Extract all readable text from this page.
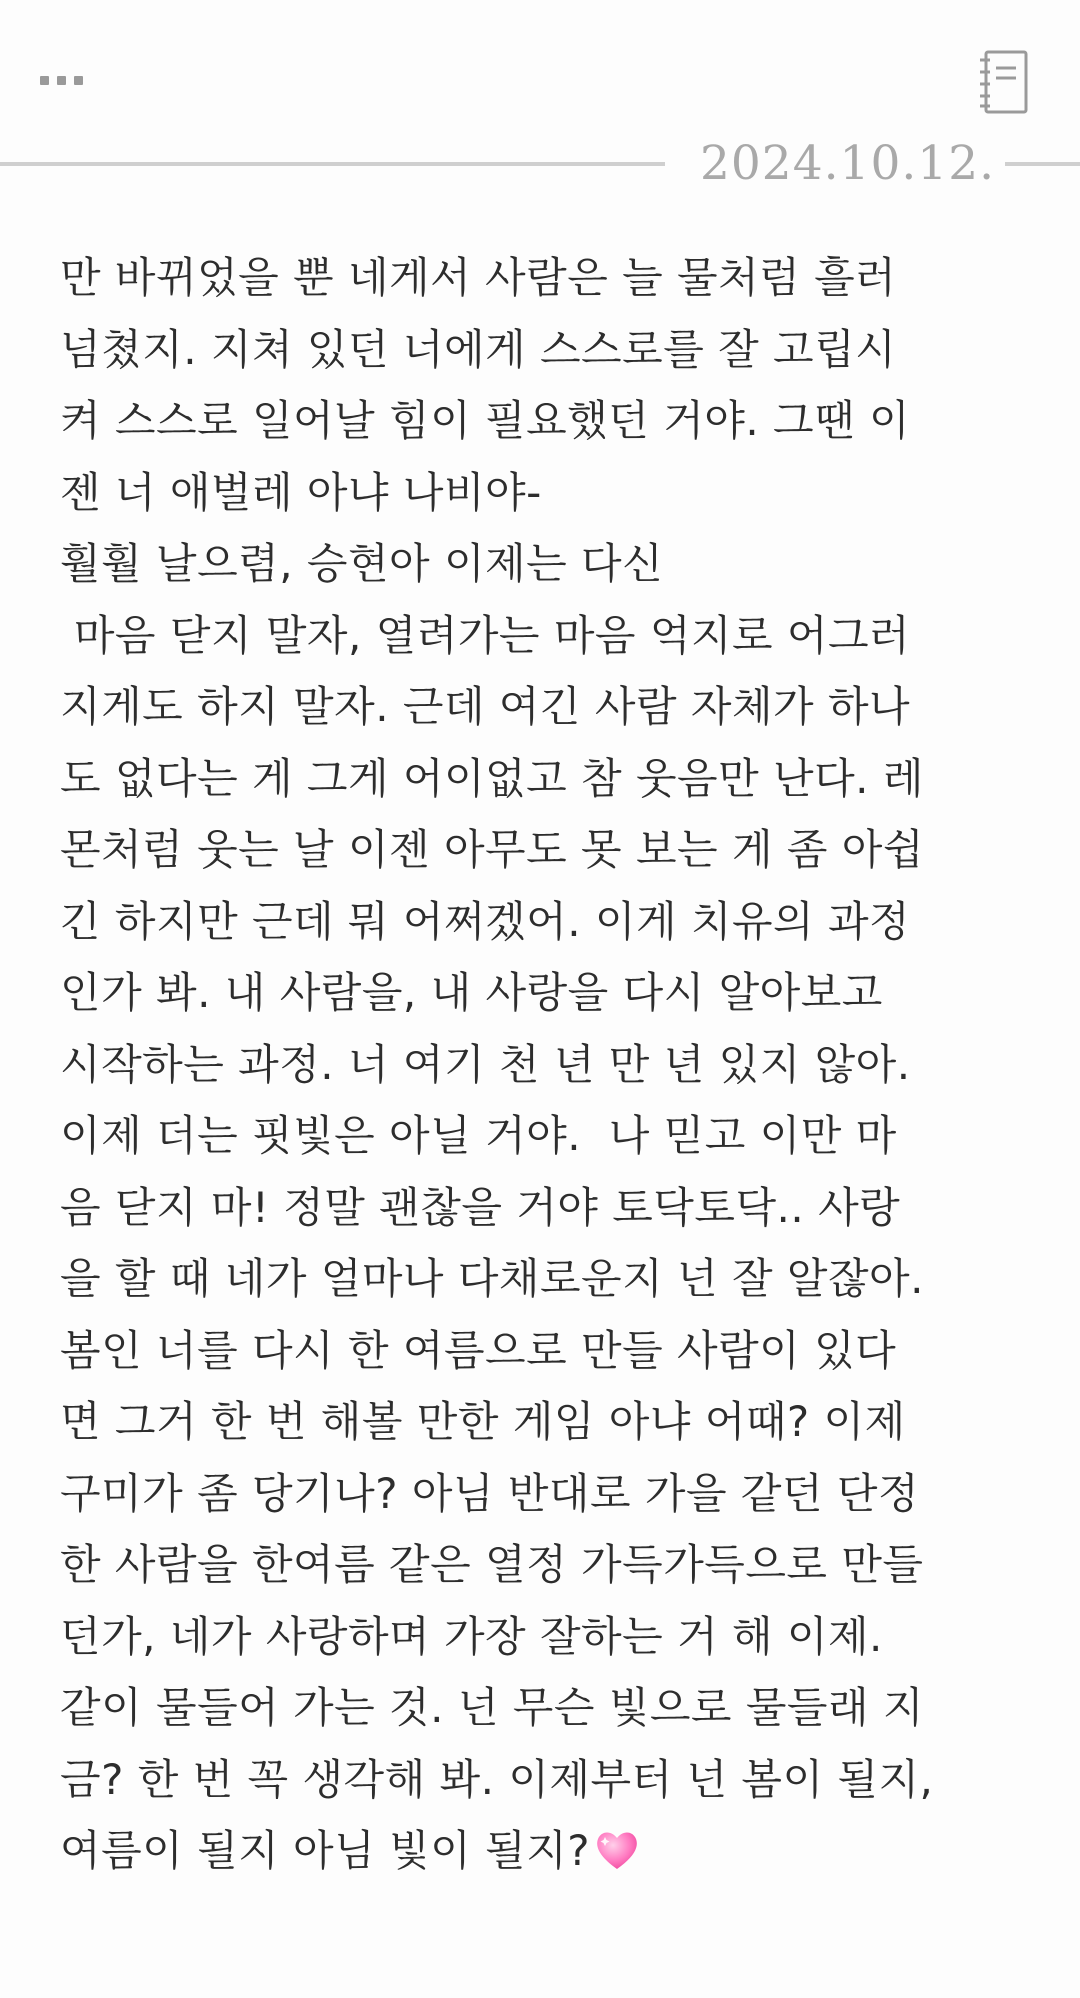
2024.10.12.
만 바뀌었을 뿐 네게서 사람은 늘 물처럼 흘러
넘쳤지. 지쳐 있던 너에게 스스로를 잘 고립시
켜 스스로 일어날 힘이 필요했던 거야. 그땐 이
젠 너 애벌레 아냐 나비야-
훨훨 날으렴, 승현아 이제는 다신
마음 닫지 말자, 열려가는 마음 억지로 어그러
지게도 하지 말자. 근데 여긴 사람 자체가 하나
도 없다는 게 그게 어이없고 참 웃음만 난다. 레
몬처럼 웃는 날 이젠 아무도 못 보는 게 좀 아쉽
긴 하지만 근데 뭐 어쩌겠어. 이게 치유의 과정
인가 봐. 내 사람을, 내 사랑을 다시 알아보고
시작하는 과정. 너 여기 천 년 만 년 있지 않아.
이제 더는 핏빛은 아닐 거야.  나 믿고 이만 마
음 닫지 마! 정말 괜찮을 거야 토닥토닥.. 사랑
을 할 때 네가 얼마나 다채로운지 넌 잘 알잖아.
봄인 너를 다시 한 여름으로 만들 사람이 있다
면 그거 한 번 해볼 만한 게임 아냐 어때? 이제
구미가 좀 당기나? 아님 반대로 가을 같던 단정
한 사람을 한여름 같은 열정 가득가득으로 만들
던가, 네가 사랑하며 가장 잘하는 거 해 이제.
같이 물들어 가는 것. 넌 무슨 빛으로 물들래 지
금? 한 번 꼭 생각해 봐. 이제부터 넌 봄이 될지,
여름이 될지 아님 빛이 될지?
